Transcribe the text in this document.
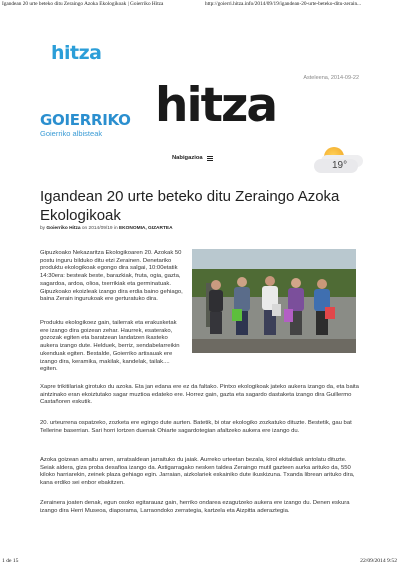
Igandean 20 urte beteko ditu Zeraingo Azoka Ekologikoak | Goierriko Hitza	http://goierri.hitza.info/2014/09/19/igandean-20-urte-beteko-ditu-zerain...
hitza
Asteleena, 2014-09-22
GOIERRIKO
Goierriko albisteak
hitza
Nabigazioa
19°
Igandean 20 urte beteko ditu Zeraingo Azoka Ekologikoak
by Goierriko Hitza on 2014/09/19 in EKONOMIA, GIZARTEA

Gipuzkoako Nekazaritza Ekologikoaren 20. Azokak 50 postu inguru bilduko ditu etzi Zerainen. Denetariko produktu ekologikoak egongo dira salgai, 10:00etatik 14:30era: besteak beste, barazkiak, fruta, ogia, gazta, sagardoa, ardoa, olioa, txerrikiak eta germinatuak. Gipuzkoako ekoizleak izango dira erdia baino gehiago, baina Zerain ingurukoak ere gerturatuko dira.

Produktu ekologikoez gain, tailerrak eta erakusketak ere izango dira goizean zehar. Haurrek, esaterako, gozozak egiten eta baratzean landatzen ikasteko aukera izango dute. Helduek, berriz, sendabelarreikin ukenduak egiten. Bestalde, Goierriko artisauak ere izango dira, keramika, makilak, kandelak, tailak.... egiten.

Xapre trikitilariak girotuko du azoka. Eta jan edana ere ez da faltako. Pintxo ekologikoak jateko aukera izango da, eta baita aintzinako eran ekoiztutako sagar muztioa edateko ere. Horrez gain, gazta eta sagardo dastaketa izango dira Guillermo Castañoren eskutik.

20. urteurrena ospatzeko, zozketa ere egingo dute aurten. Batetik, bi otar ekologiko zozkatuko dituzte. Bestetik, gau bat Tellerine baserrian. Sari horri lortzen duenak Ohiarte sagardotegian afaltzeko aukera ere izango du.

Azoka goizean amaitu arren, arratsaldean jarraituko du jaiak. Aurreko urteetan bezala, kirol ekitaldiak antolatu dituzte. Seiak aldera, giza proba desafioa izango da. Astigarragako nesken taldea Zeraingo mutil gazteen aurka arituko da, 550 kiloko harriarekin, zeinek plaza gehiago egin. Jarraian, aizkolariek eskainiko dute ikuskizuna. Txanda librean arituko dira, kana erdiko sei enbor ebakitzen.

Zerainera joaten denak, egun osoko egitarauaz gain, herriko ondarea ezagutzeko aukera ere izango du. Denen eskura izango dira Herri Museoa, diaporama, Larraondoko zerrategia, kartzela eta Aizpitta aderaztegia.

1 de 15	22/09/2014 9:52
